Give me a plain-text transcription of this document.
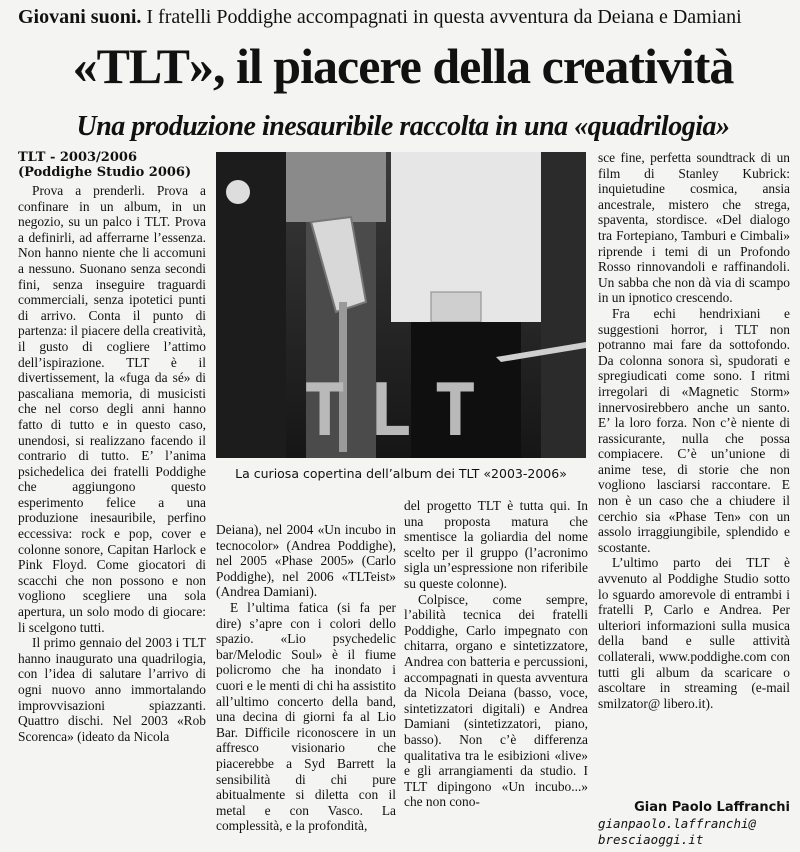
Giovani suoni. I fratelli Poddighe accompagnati in questa avventura da Deiana e Damiani
«TLT», il piacere della creatività
Una produzione inesauribile raccolta in una «quadrilogia»
TLT - 2003/2006
(Poddighe Studio 2006)

Prova a prenderli. Prova a confinare in un album, in un negozio, su un palco i TLT. Prova a definirli, ad afferrarne l’essenza. Non hanno niente che li accomuni a nessuno. Suonano senza secondi fini, senza inseguire traguardi commerciali, senza ipotetici punti di arrivo. Conta il punto di partenza: il piacere della creatività, il gusto di cogliere l’attimo dell’ispirazione. TLT è il divertissement, la «fuga da sé» di pascaliana memoria, di musicisti che nel corso degli anni hanno fatto di tutto e in questo caso, unendosi, si realizzano facendo il contrario di tutto. E’ l’anima psichedelica dei fratelli Poddighe che aggiungono questo esperimento felice a una produzione inesauribile, perfino eccessiva: rock e pop, cover e colonne sonore, Capitan Harlock e Pink Floyd. Come giocatori di scacchi che non possono e non vogliono scegliere una sola apertura, un solo modo di giocare: li scelgono tutti.

Il primo gennaio del 2003 i TLT hanno inaugurato una quadrilogia, con l’idea di salutare l’arrivo di ogni nuovo anno immortalando improvvisazioni spiazzanti. Quattro dischi. Nel 2003 «Rob Scorenca» (ideato da Nicola

TLT
La curiosa copertina dell’album dei TLT «2003-2006»

Deiana), nel 2004 «Un incubo in tecnocolor» (Andrea Poddighe), nel 2005 «Phase 2005» (Carlo Poddighe), nel 2006 «TLTeist» (Andrea Damiani).

E l’ultima fatica (si fa per dire) s’apre con i colori dello spazio. «Lio psychedelic bar/Melodic Soul» è il fiume policromo che ha inondato i cuori e le menti di chi ha assistito all’ultimo concerto della band, una decina di giorni fa al Lio Bar. Difficile riconoscere in un affresco visionario che piacerebbe a Syd Barrett la sensibilità di chi pure abitualmente si diletta con il metal e con Vasco. La complessità, e la profondità,

del progetto TLT è tutta qui. In una proposta matura che smentisce la goliardia del nome scelto per il gruppo (l’acronimo sigla un’espressione non riferibile su queste colonne).

Colpisce, come sempre, l’abilità tecnica dei fratelli Poddighe, Carlo impegnato con chitarra, organo e sintetizzatore, Andrea con batteria e percussioni, accompagnati in questa avventura da Nicola Deiana (basso, voce, sintetizzatori digitali) e Andrea Damiani (sintetizzatori, piano, basso). Non c’è differenza qualitativa tra le esibizioni «live» e gli arrangiamenti da studio. I TLT dipingono «Un incubo...» che non cono-

sce fine, perfetta soundtrack di un film di Stanley Kubrick: inquietudine cosmica, ansia ancestrale, mistero che strega, spaventa, stordisce. «Del dialogo tra Fortepiano, Tamburi e Cimbali» riprende i temi di un Profondo Rosso rinnovandoli e raffinandoli. Un sabba che non dà via di scampo in un ipnotico crescendo.

Fra echi hendrixiani e suggestioni horror, i TLT non potranno mai fare da sottofondo. Da colonna sonora sì, spudorati e spregiudicati come sono. I ritmi irregolari di «Magnetic Storm» innervosirebbero anche un santo. E’ la loro forza. Non c’è niente di rassicurante, nulla che possa compiacere. C’è un’unione di anime tese, di storie che non vogliono lasciarsi raccontare. E non è un caso che a chiudere il cerchio sia «Phase Ten» con un assolo irraggiungibile, splendido e scostante.

L’ultimo parto dei TLT è avvenuto al Poddighe Studio sotto lo sguardo amorevole di entrambi i fratelli P, Carlo e Andrea. Per ulteriori informazioni sulla musica della band e sulle attività collaterali, www.poddighe.com con tutti gli album da scaricare o ascoltare in streaming (e-mail smilzator@ libero.it).

Gian Paolo Laffranchi
gianpaolo.laffranchi@ bresciaoggi.it
